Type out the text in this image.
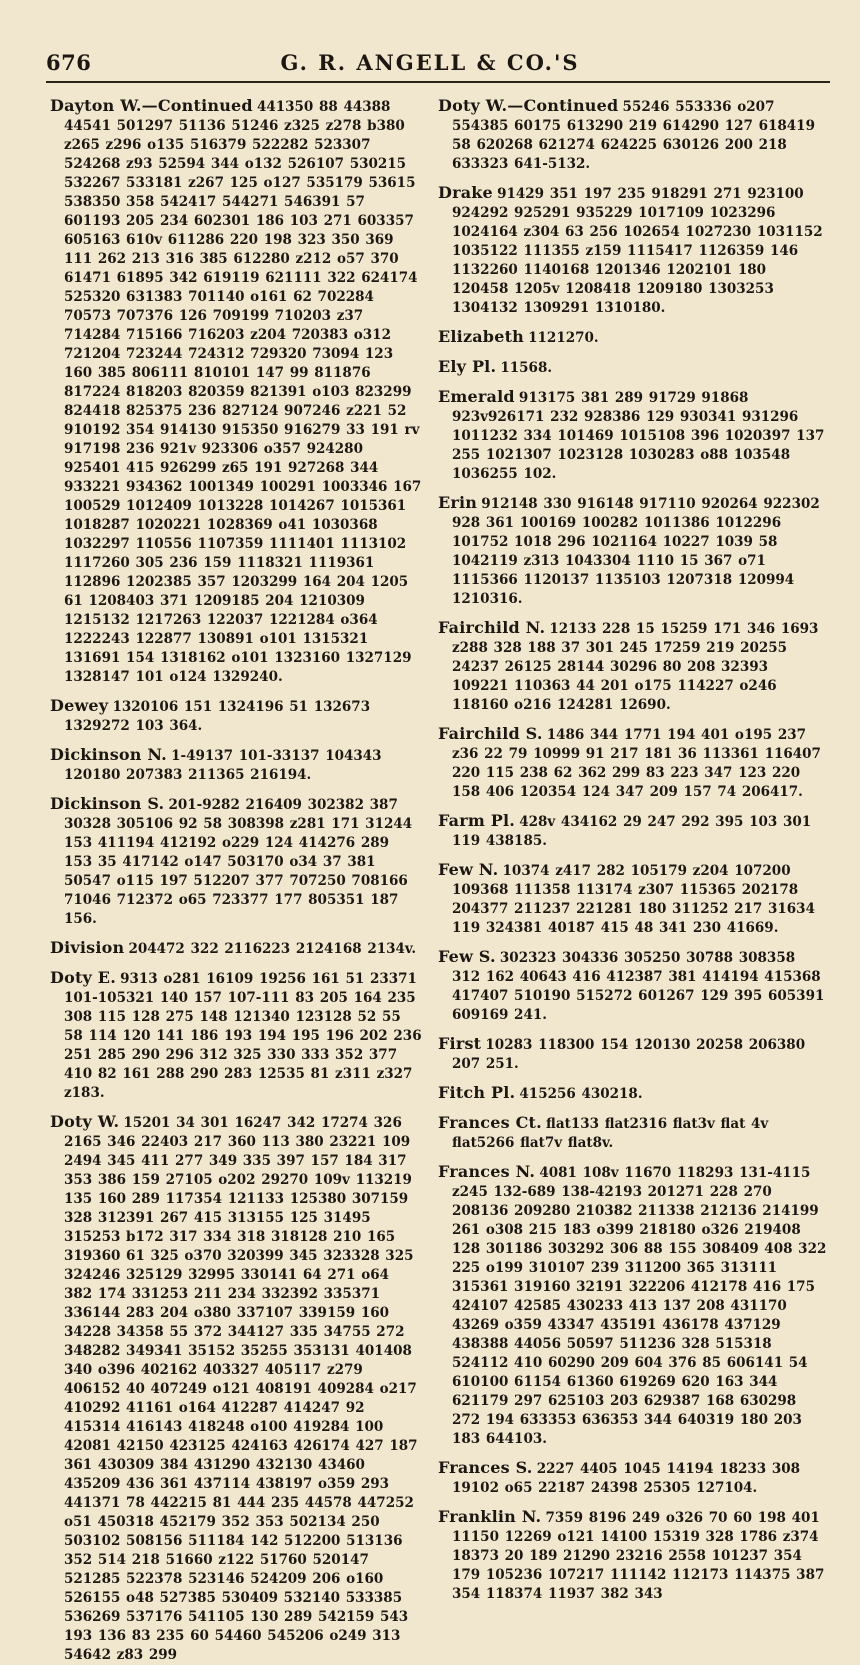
676	G. R. ANGELL & CO.'S

Dayton W.—Continued 441350 88 44388 44541 501297 51136 51246 z325 z278 b380 z265 z296 o135 516379 522282 523307 524268 z93 52594 344 o132 526107 530215 532267 533181 z267 125 o127 535179 53615 538350 358 542417 544271 546391 57 601193 205 234 602301 186 103 271 603357 605163 610v 611286 220 198 323 350 369 111 262 213 316 385 612280 z212 o57 370 61471 61895 342 619119 621111 322 624174 525320 631383 701140 o161 62 702284 70573 707376 126 709199 710203 z37 714284 715166 716203 z204 720383 o312 721204 723244 724312 729320 73094 123 160 385 806111 810101 147 99 811876 817224 818203 820359 821391 o103 823299 824418 825375 236 827124 907246 z221 52 910192 354 914130 915350 916279 33 191 rv 917198 236 921v 923306 o357 924280 925401 415 926299 z65 191 927268 344 933221 934362 1001349 100291 1003346 167 100529 1012409 1013228 1014267 1015361 1018287 1020221 1028369 o41 1030368 1032297 110556 1107359 1111401 1113102 1117260 305 236 159 1118321 1119361 112896 1202385 357 1203299 164 204 1205 61 1208403 371 1209185 204 1210309 1215132 1217263 122037 1221284 o364 1222243 122877 130891 o101 1315321 131691 154 1318162 o101 1323160 1327129 1328147 101 o124 1329240.

Dewey 1320106 151 1324196 51 132673 1329272 103 364.

Dickinson N. 1-49137 101-33137 104343 120180 207383 211365 216194.

Dickinson S. 201-9282 216409 302382 387 30328 305106 92 58 308398 z281 171 31244 153 411194 412192 o229 124 414276 289 153 35 417142 o147 503170 o34 37 381 50547 o115 197 512207 377 707250 708166 71046 712372 o65 723377 177 805351 187 156.

Division 204472 322 2116223 2124168 2134v.

Doty E. 9313 o281 16109 19256 161 51 23371 101-105321 140 157 107-111 83 205 164 235 308 115 128 275 148 121340 123128 52 55 58 114 120 141 186 193 194 195 196 202 236 251 285 290 296 312 325 330 333 352 377 410 82 161 288 290 283 12535 81 z311 z327 z183.

Doty W. 15201 34 301 16247 342 17274 326 2165 346 22403 217 360 113 380 23221 109 2494 345 411 277 349 335 397 157 184 317 353 386 159 27105 o202 29270 109v 113219 135 160 289 117354 121133 125380 307159 328 312391 267 415 313155 125 31495 315253 b172 317 334 318 318128 210 165 319360 61 325 o370 320399 345 323328 325 324246 325129 32995 330141 64 271 o64 382 174 331253 211 234 332392 335371 336144 283 204 o380 337107 339159 160 34228 34358 55 372 344127 335 34755 272 348282 349341 35152 35255 353131 401408 340 o396 402162 403327 405117 z279 406152 40 407249 o121 408191 409284 o217 410292 41161 o164 412287 414247 92 415314 416143 418248 o100 419284 100 42081 42150 423125 424163 426174 427 187 361 430309 384 431290 432130 43460 435209 436 361 437114 438197 o359 293 441371 78 442215 81 444 235 44578 447252 o51 450318 452179 352 353 502134 250 503102 508156 511184 142 512200 513136 352 514 218 51660 z122 51760 520147 521285 522378 523146 524209 206 o160 526155 o48 527385 530409 532140 533385 536269 537176 541105 130 289 542159 543 193 136 83 235 60 54460 545206 o249 313 54642 z83 299

Doty W.—Continued 55246 553336 o207 554385 60175 613290 219 614290 127 618419 58 620268 621274 624225 630126 200 218 633323 641-5132.

Drake 91429 351 197 235 918291 271 923100 924292 925291 935229 1017109 1023296 1024164 z304 63 256 102654 1027230 1031152 1035122 111355 z159 1115417 1126359 146 1132260 1140168 1201346 1202101 180 120458 1205v 1208418 1209180 1303253 1304132 1309291 1310180.

Elizabeth 1121270.

Ely Pl. 11568.

Emerald 913175 381 289 91729 91868 923v926171 232 928386 129 930341 931296 1011232 334 101469 1015108 396 1020397 137 255 1021307 1023128 1030283 o88 103548 1036255 102.

Erin 912148 330 916148 917110 920264 922302 928 361 100169 100282 1011386 1012296 101752 1018 296 1021164 10227 1039 58 1042119 z313 1043304 1110 15 367 o71 1115366 1120137 1135103 1207318 120994 1210316.

Fairchild N. 12133 228 15 15259 171 346 1693 z288 328 188 37 301 245 17259 219 20255 24237 26125 28144 30296 80 208 32393 109221 110363 44 201 o175 114227 o246 118160 o216 124281 12690.

Fairchild S. 1486 344 1771 194 401 o195 237 z36 22 79 10999 91 217 181 36 113361 116407 220 115 238 62 362 299 83 223 347 123 220 158 406 120354 124 347 209 157 74 206417.

Farm Pl. 428v 434162 29 247 292 395 103 301 119 438185.

Few N. 10374 z417 282 105179 z204 107200 109368 111358 113174 z307 115365 202178 204377 211237 221281 180 311252 217 31634 119 324381 40187 415 48 341 230 41669.

Few S. 302323 304336 305250 30788 308358 312 162 40643 416 412387 381 414194 415368 417407 510190 515272 601267 129 395 605391 609169 241.

First 10283 118300 154 120130 20258 206380 207 251.

Fitch Pl. 415256 430218.

Frances Ct. flat133 flat2316 flat3v flat 4v flat5266 flat7v flat8v.

Frances N. 4081 108v 11670 118293 131-4115 z245 132-689 138-42193 201271 228 270 208136 209280 210382 211338 212136 214199 261 o308 215 183 o399 218180 o326 219408 128 301186 303292 306 88 155 308409 408 322 225 o199 310107 239 311200 365 313111 315361 319160 32191 322206 412178 416 175 424107 42585 430233 413 137 208 431170 43269 o359 43347 435191 436178 437129 438388 44056 50597 511236 328 515318 524112 410 60290 209 604 376 85 606141 54 610100 61154 61360 619269 620 163 344 621179 297 625103 203 629387 168 630298 272 194 633353 636353 344 640319 180 203 183 644103.

Frances S. 2227 4405 1045 14194 18233 308 19102 o65 22187 24398 25305 127104.

Franklin N. 7359 8196 249 o326 70 60 198 401 11150 12269 o121 14100 15319 328 1786 z374 18373 20 189 21290 23216 2558 101237 354 179 105236 107217 111142 112173 114375 387 354 118374 11937 382 343
